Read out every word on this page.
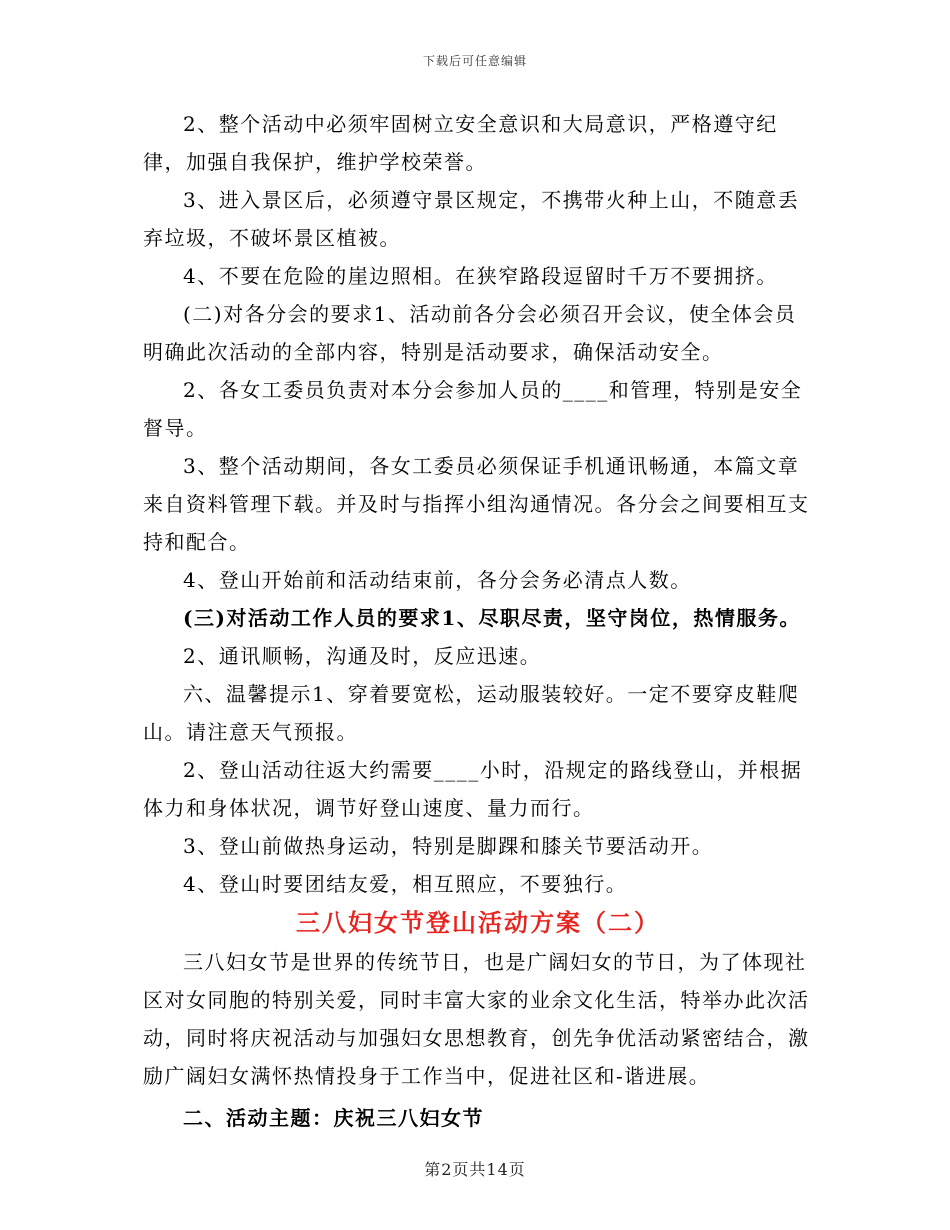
下载后可任意编辑

2、整个活动中必须牢固树立安全意识和大局意识，严格遵守纪律，加强自我保护，维护学校荣誉。

3、进入景区后，必须遵守景区规定，不携带火种上山，不随意丢弃垃圾，不破坏景区植被。

4、不要在危险的崖边照相。在狭窄路段逗留时千万不要拥挤。

(二)对各分会的要求1、活动前各分会必须召开会议，使全体会员明确此次活动的全部内容，特别是活动要求，确保活动安全。

2、各女工委员负责对本分会参加人员的____和管理，特别是安全督导。

3、整个活动期间，各女工委员必须保证手机通讯畅通，本篇文章来自资料管理下载。并及时与指挥小组沟通情况。各分会之间要相互支持和配合。

4、登山开始前和活动结束前，各分会务必清点人数。

(三)对活动工作人员的要求1、尽职尽责，坚守岗位，热情服务。

2、通讯顺畅，沟通及时，反应迅速。

六、温馨提示1、穿着要宽松，运动服装较好。一定不要穿皮鞋爬山。请注意天气预报。

2、登山活动往返大约需要____小时，沿规定的路线登山，并根据体力和身体状况，调节好登山速度、量力而行。

3、登山前做热身运动，特别是脚踝和膝关节要活动开。

4、登山时要团结友爱，相互照应，不要独行。

三八妇女节登山活动方案（二）

三八妇女节是世界的传统节日，也是广阔妇女的节日，为了体现社区对女同胞的特别关爱，同时丰富大家的业余文化生活，特举办此次活动，同时将庆祝活动与加强妇女思想教育，创先争优活动紧密结合，激励广阔妇女满怀热情投身于工作当中，促进社区和-谐进展。

二、活动主题：庆祝三八妇女节

第2页共14页
